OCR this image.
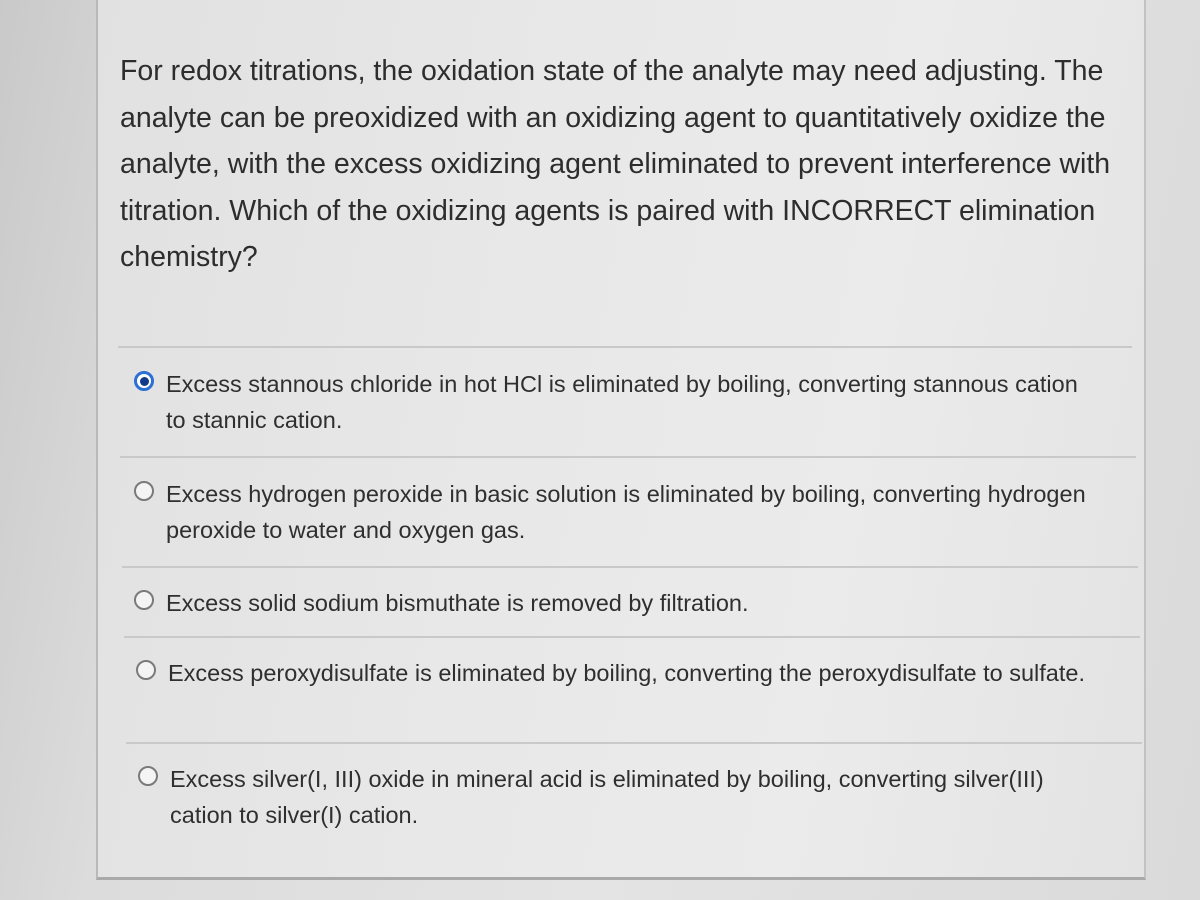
For redox titrations, the oxidation state of the analyte may need adjusting. The analyte can be preoxidized with an oxidizing agent to quantitatively oxidize the analyte, with the excess oxidizing agent eliminated to prevent interference with titration. Which of the oxidizing agents is paired with INCORRECT elimination chemistry?

Excess stannous chloride in hot HCl is eliminated by boiling, converting stannous cation to stannic cation.
Excess hydrogen peroxide in basic solution is eliminated by boiling, converting hydrogen peroxide to water and oxygen gas.
Excess solid sodium bismuthate is removed by filtration.
Excess peroxydisulfate is eliminated by boiling, converting the peroxydisulfate to sulfate.
Excess silver(I, III) oxide in mineral acid is eliminated by boiling, converting silver(III) cation to silver(I) cation.
